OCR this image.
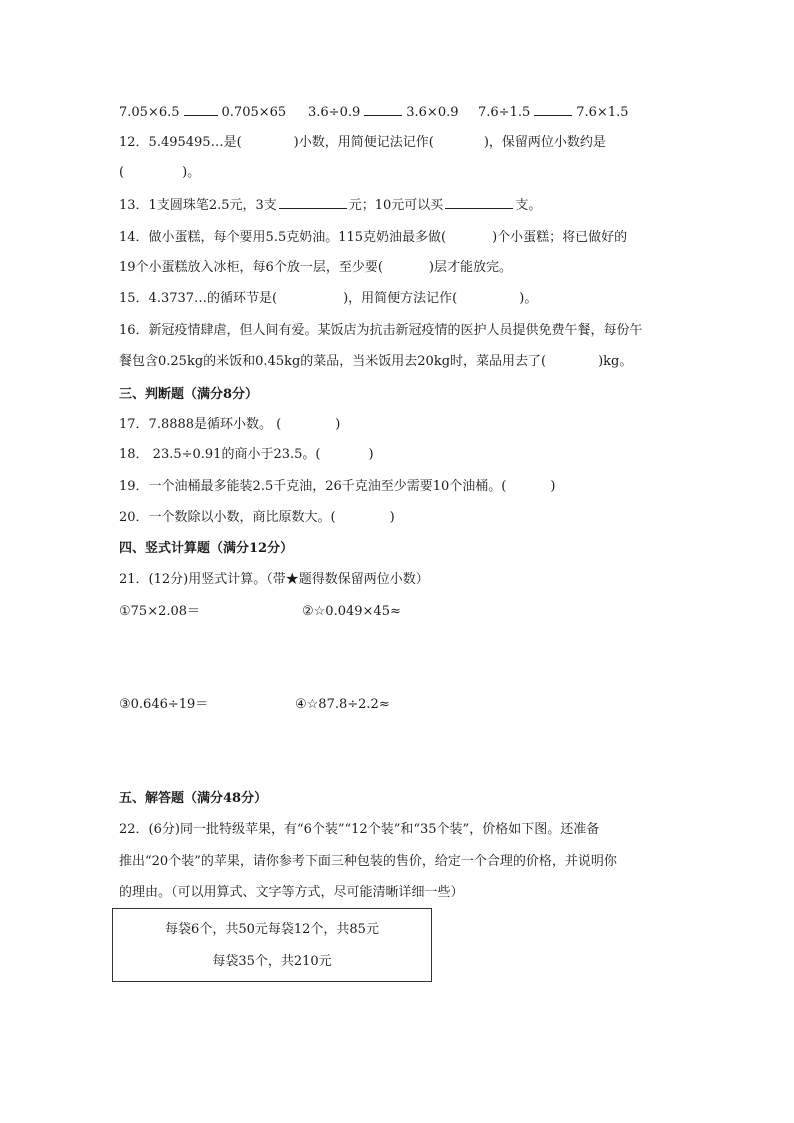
7.05×6.5	0.705×65 3.6÷0.9	3.6×0.9 7.6÷1.5	7.6×1.5
12．5.495495…是(	)小数，用简便记法记作(	)，保留两位小数约是
(	)。
13．1支圆珠笔2.5元，3支	元；10元可以买	支。
14．做小蛋糕，每个要用5.5克奶油。115克奶油最多做(	)个小蛋糕；将已做好的
19个小蛋糕放入冰柜，每6个放一层，至少要(	)层才能放完。
15．4.3737…的循环节是(	)，用简便方法记作(	)。
16．新冠疫情肆虐，但人间有爱。某饭店为抗击新冠疫情的医护人员提供免费午餐，每份午
餐包含0.25kg的米饭和0.45kg的菜品，当米饭用去20kg时，菜品用去了(	)kg。
三、判断题（满分8分）
17．7.8888是循环小数。 (	)
18． 23.5÷0.91的商小于23.5。(	)
19．一个油桶最多能装2.5千克油，26千克油至少需要10个油桶。(	)
20．一个数除以小数，商比原数大。(	)
四、竖式计算题（满分12分）
21．(12分)用竖式计算。（带★题得数保留两位小数）
①75×2.08＝	②☆0.049×45≈
③0.646÷19＝	④☆87.8÷2.2≈
五、解答题（满分48分）
22．(6分)同一批特级苹果，有“6个装”“12个装”和“35个装”，价格如下图。还准备
推出“20个装”的苹果，请你参考下面三种包装的售价，给定一个合理的价格，并说明你
的理由。（可以用算式、文字等方式，尽可能清晰详细一些）
每袋6个，共50元每袋12个，共85元
每袋35个，共210元
